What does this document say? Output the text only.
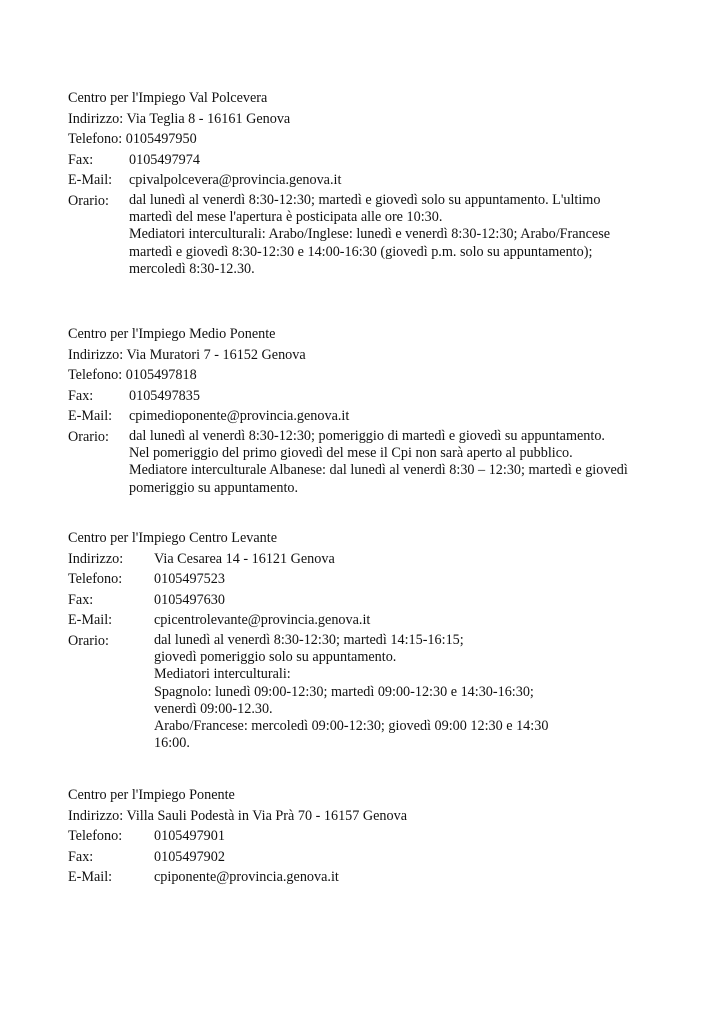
Centro per l'Impiego Val Polcevera
Indirizzo: Via Teglia 8 - 16161 Genova
Telefono: 0105497950
Fax:	0105497974
E-Mail:	cpivalpolcevera@provincia.genova.it
Orario:	dal lunedì al venerdì 8:30-12:30; martedì e giovedì solo su appuntamento. L'ultimo
martedì del mese l'apertura è posticipata alle ore 10:30.
Mediatori interculturali: Arabo/Inglese: lunedì e venerdì 8:30-12:30; Arabo/Francese
martedì e giovedì 8:30-12:30 e 14:00-16:30 (giovedì p.m. solo su appuntamento);
mercoledì 8:30-12.30.
Centro per l'Impiego Medio Ponente
Indirizzo: Via Muratori 7 - 16152 Genova
Telefono: 0105497818
Fax:	0105497835
E-Mail:	cpimedioponente@provincia.genova.it
Orario:	dal lunedì al venerdì 8:30-12:30; pomeriggio di martedì e giovedì su appuntamento.
Nel pomeriggio del primo giovedì del mese il Cpi non sarà aperto al pubblico.
Mediatore interculturale Albanese: dal lunedì al venerdì 8:30 – 12:30; martedì e giovedì
pomeriggio su appuntamento.
Centro per l'Impiego Centro Levante
Indirizzo:	Via Cesarea 14 - 16121 Genova
Telefono:	0105497523
Fax:	0105497630
E-Mail:	cpicentrolevante@provincia.genova.it
Orario:	dal lunedì al venerdì 8:30-12:30; martedì 14:15-16:15;
giovedì pomeriggio solo su appuntamento.
Mediatori interculturali:
Spagnolo: lunedì 09:00-12:30; martedì 09:00-12:30 e 14:30-16:30;
venerdì 09:00-12.30.
Arabo/Francese: mercoledì 09:00-12:30; giovedì 09:00 12:30 e 14:30
16:00.
Centro per l'Impiego Ponente
Indirizzo: Villa Sauli Podestà in Via Prà 70 - 16157 Genova
Telefono:	0105497901
Fax:	0105497902
E-Mail:	cpiponente@provincia.genova.it
